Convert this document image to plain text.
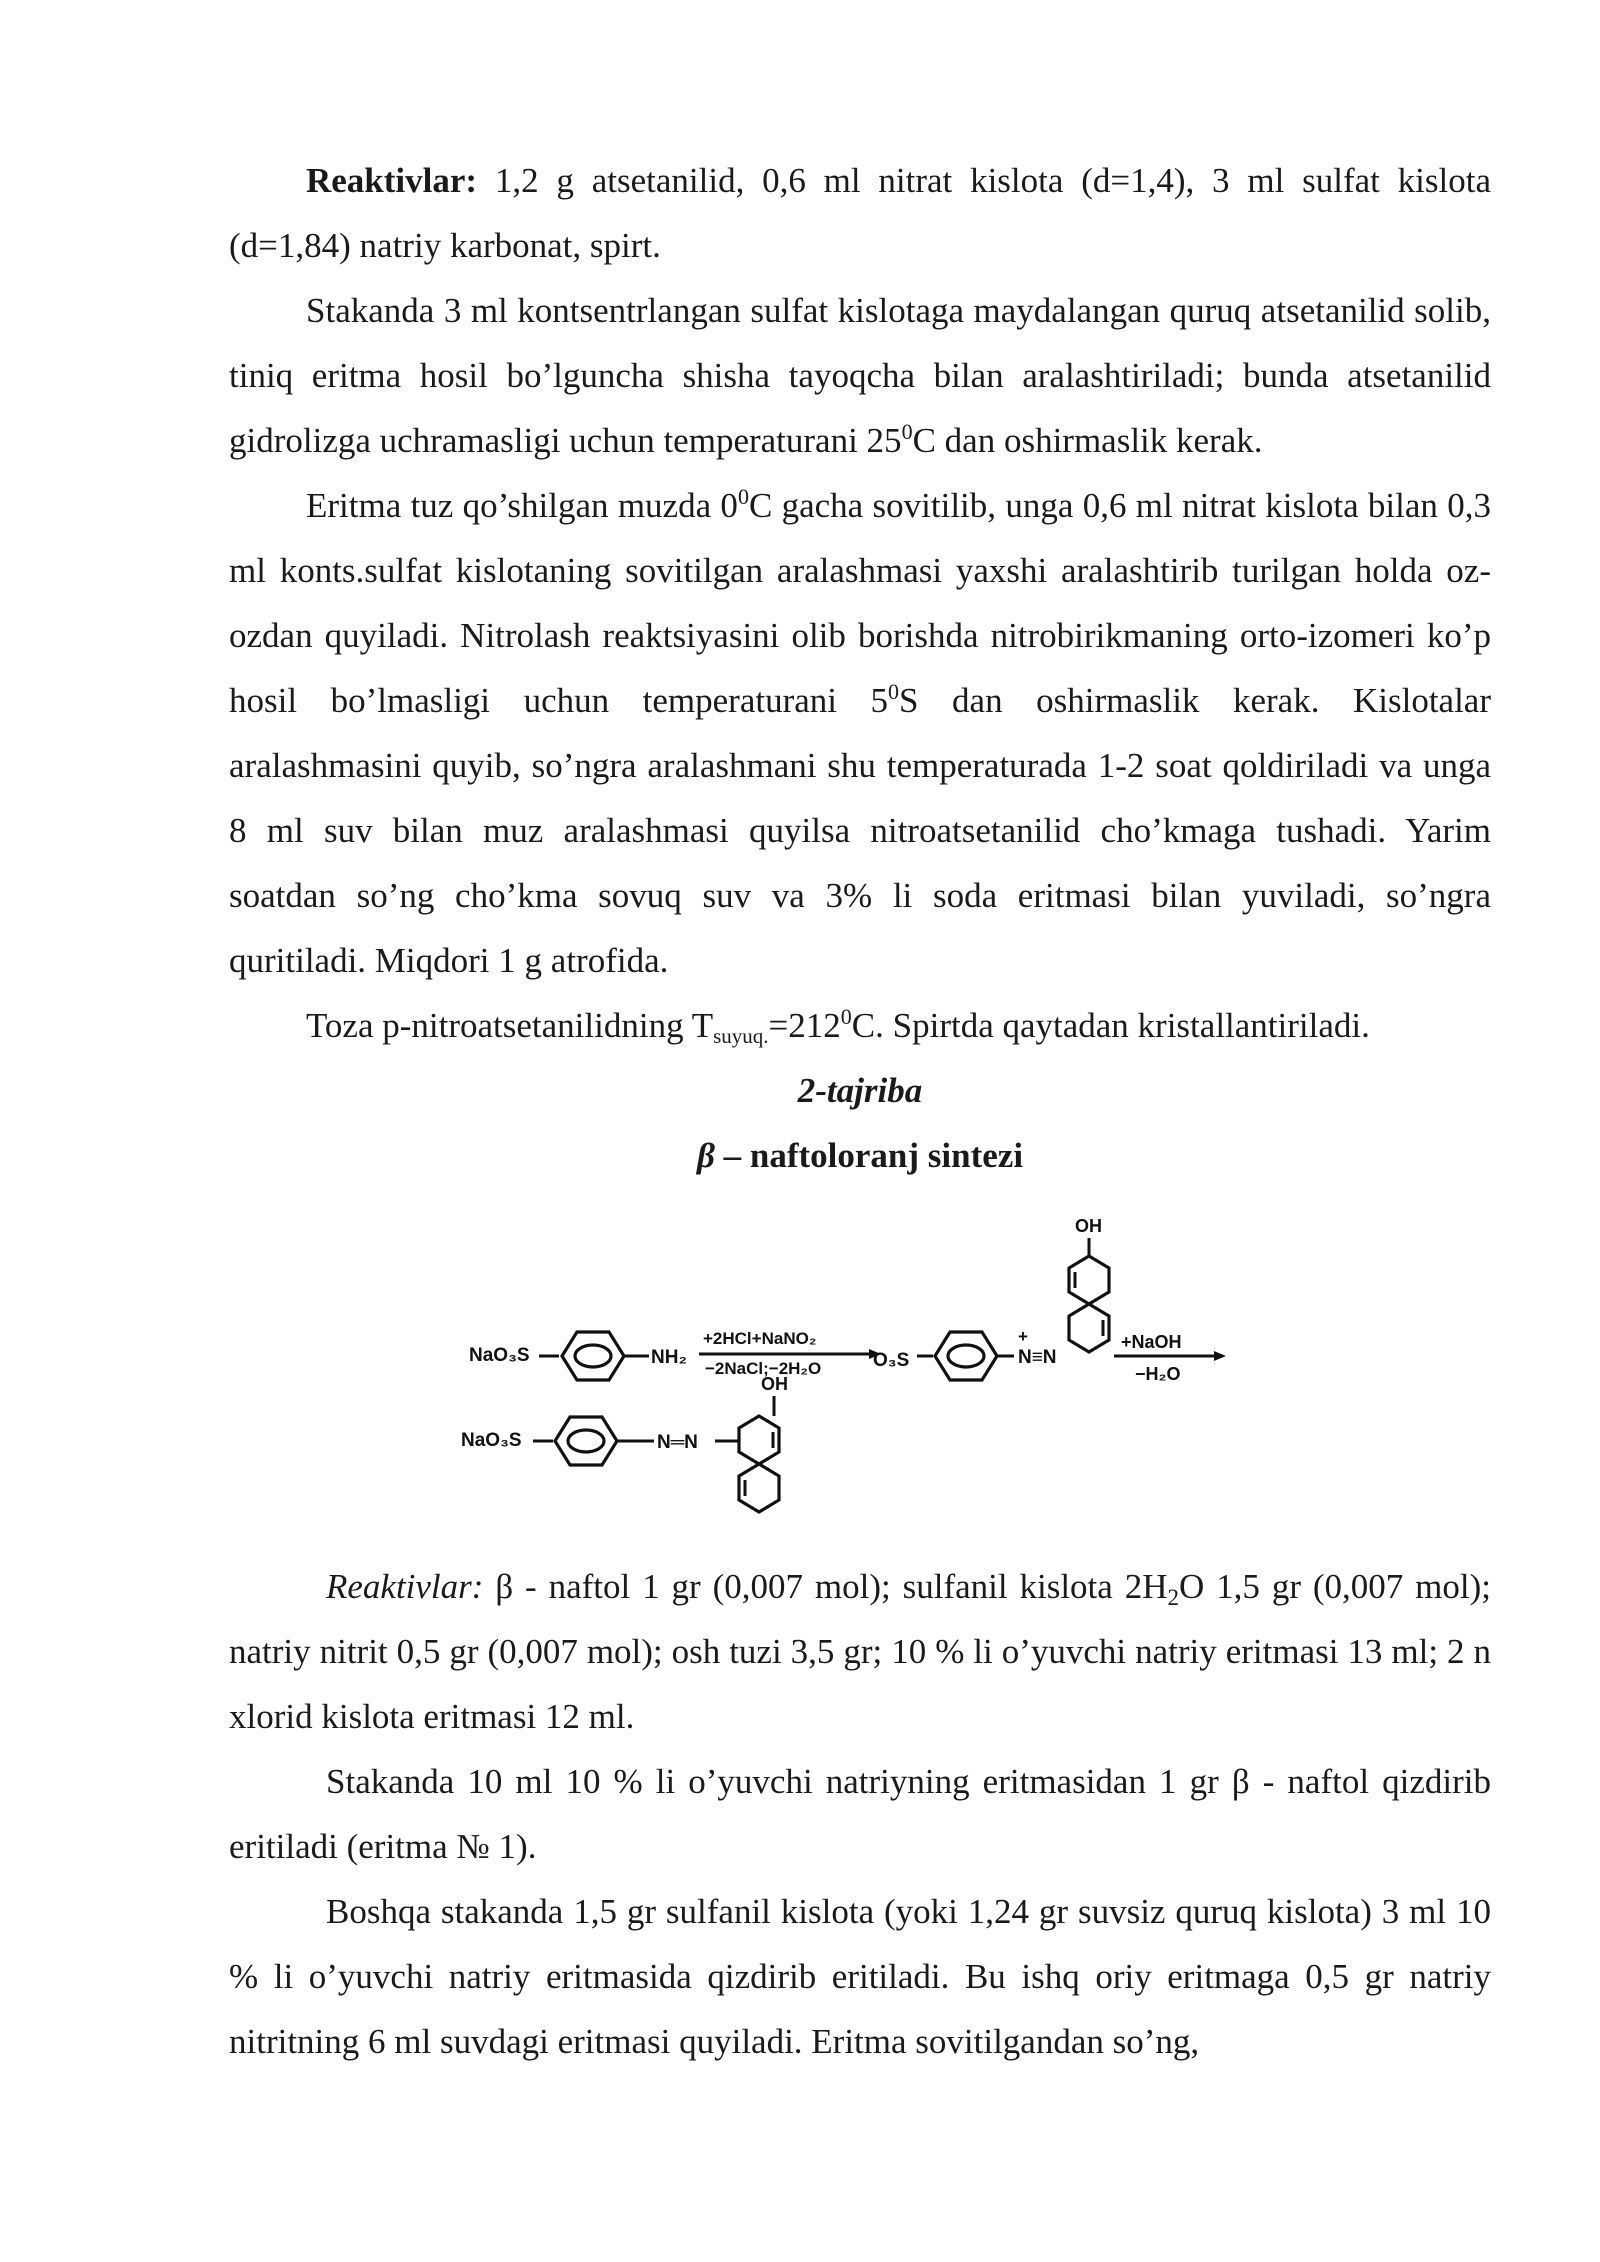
Reaktivlar: 1,2 g atsetanilid, 0,6 ml nitrat kislota (d=1,4), 3 ml sulfat kislota (d=1,84) natriy karbonat, spirt.

Stakanda 3 ml kontsentrlangan sulfat kislotaga maydalangan quruq atsetanilid solib, tiniq eritma hosil bo’lguncha shisha tayoqcha bilan aralashtiriladi; bunda atsetanilid gidrolizga uchramasligi uchun temperaturani $25^0C$ dan oshirmaslik kerak.

Eritma tuz qo’shilgan muzda $0^0C$ gacha sovitilib, unga 0,6 ml nitrat kislota bilan 0,3 ml konts.sulfat kislotaning sovitilgan aralashmasi yaxshi aralashtirib turilgan holda oz-ozdan quyiladi. Nitrolash reaktsiyasini olib borishda nitrobirikmaning orto-izomeri ko’p hosil bo’lmasligi uchun temperaturani $5^0S$ dan oshirmaslik kerak. Kislotalar aralashmasini quyib, so’ngra aralashmani shu temperaturada 1-2 soat qoldiriladi va unga 8 ml suv bilan muz aralashmasi quyilsa nitroatsetanilid cho’kmaga tushadi. Yarim soatdan so’ng cho’kma sovuq suv va 3% li soda eritmasi bilan yuviladi, so’ngra quritiladi. Miqdori 1 g atrofida.

Toza p-nitroatsetanilidning $T_{suyuq.}=212^0C$. Spirtda qaytadan kristallantiriladi.

2-tajriba

β – naftoloranj sintezi

NaO₃S	NH₂
+2HCl+NaNO₂
−2NaCl;−2H₂O	O₃S
+
N≡N
OH
+NaOH
−H₂O
NaO₃S	N═N
OH

Reaktivlar: β - naftol 1 gr (0,007 mol); sulfanil kislota $2H_2O$ 1,5 gr (0,007 mol); natriy nitrit 0,5 gr (0,007 mol); osh tuzi 3,5 gr; 10 % li o’yuvchi natriy eritmasi 13 ml; 2 n xlorid kislota eritmasi 12 ml.

Stakanda 10 ml 10 % li o’yuvchi natriyning eritmasidan 1 gr β - naftol qizdirib eritiladi (eritma № 1).

Boshqa stakanda 1,5 gr sulfanil kislota (yoki 1,24 gr suvsiz quruq kislota) 3 ml 10 % li o’yuvchi natriy eritmasida qizdirib eritiladi. Bu ishq oriy eritmaga 0,5 gr natriy nitritning 6 ml suvdagi eritmasi quyiladi. Eritma sovitilgandan so’ng,
